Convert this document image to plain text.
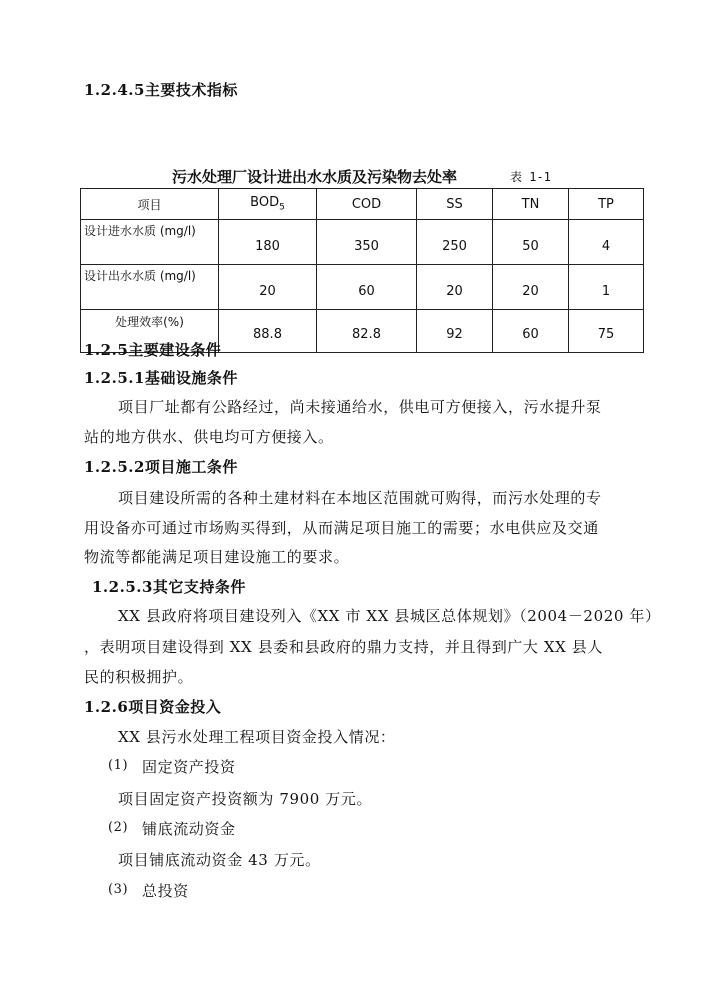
1.2.4.5主要技术指标
污水处理厂设计进出水水质及污染物去处率	表 1-1
项目	$BOD_5$	COD	SS	TN	TP
设计进水水质 (mg/l)	180	350	250	50	4
设计出水水质 (mg/l)	20	60	20	20	1
处理效率(%)	88.8	82.8	92	60	75
1.2.5主要建设条件
1.2.5.1基础设施条件
项目厂址都有公路经过，尚未接通给水，供电可方便接入，污水提升泵
站的地方供水、供电均可方便接入。
1.2.5.2项目施工条件
项目建设所需的各种土建材料在本地区范围就可购得，而污水处理的专
用设备亦可通过市场购买得到，从而满足项目施工的需要；水电供应及交通
物流等都能满足项目建设施工的要求。
1.2.5.3其它支持条件
XX 县政府将项目建设列入《XX 市 XX 县城区总体规划》（2004－2020 年）
，表明项目建设得到 XX 县委和县政府的鼎力支持，并且得到广大 XX 县人
民的积极拥护。
1.2.6项目资金投入
XX 县污水处理工程项目资金投入情况：
(1) 固定资产投资
项目固定资产投资额为 7900 万元。
(2) 铺底流动资金
项目铺底流动资金 43 万元。
(3) 总投资
